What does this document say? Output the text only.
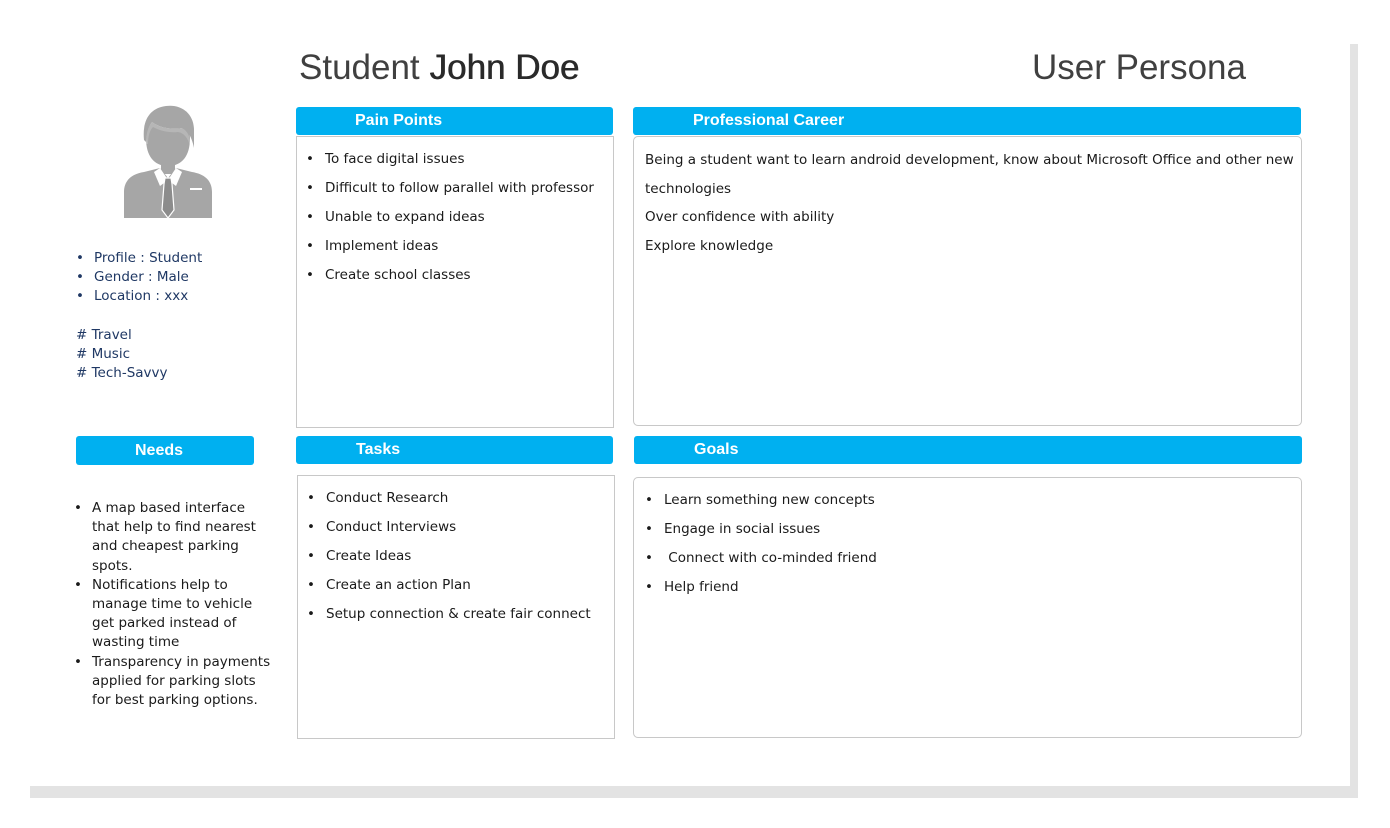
Student John Doe	User Persona
• Profile : Student
• Gender : Male
• Location : xxx
# Travel
# Music
# Tech-Savvy
Needs
• A map based interface that help to find nearest and cheapest parking spots.
• Notifications help to manage time to vehicle get parked instead of wasting time
• Transparency in payments applied for parking slots for best parking options.
Pain Points
• To face digital issues
• Difficult to follow parallel with professor
• Unable to expand ideas
• Implement ideas
• Create school classes
Professional Career
Being a student want to learn android development, know about Microsoft Office and other new
technologies
Over confidence with ability
Explore knowledge
Tasks
• Conduct Research
• Conduct Interviews
• Create Ideas
• Create an action Plan
• Setup connection & create fair connect
Goals
• Learn something new concepts
• Engage in social issues
•  Connect with co-minded friend
• Help friend
